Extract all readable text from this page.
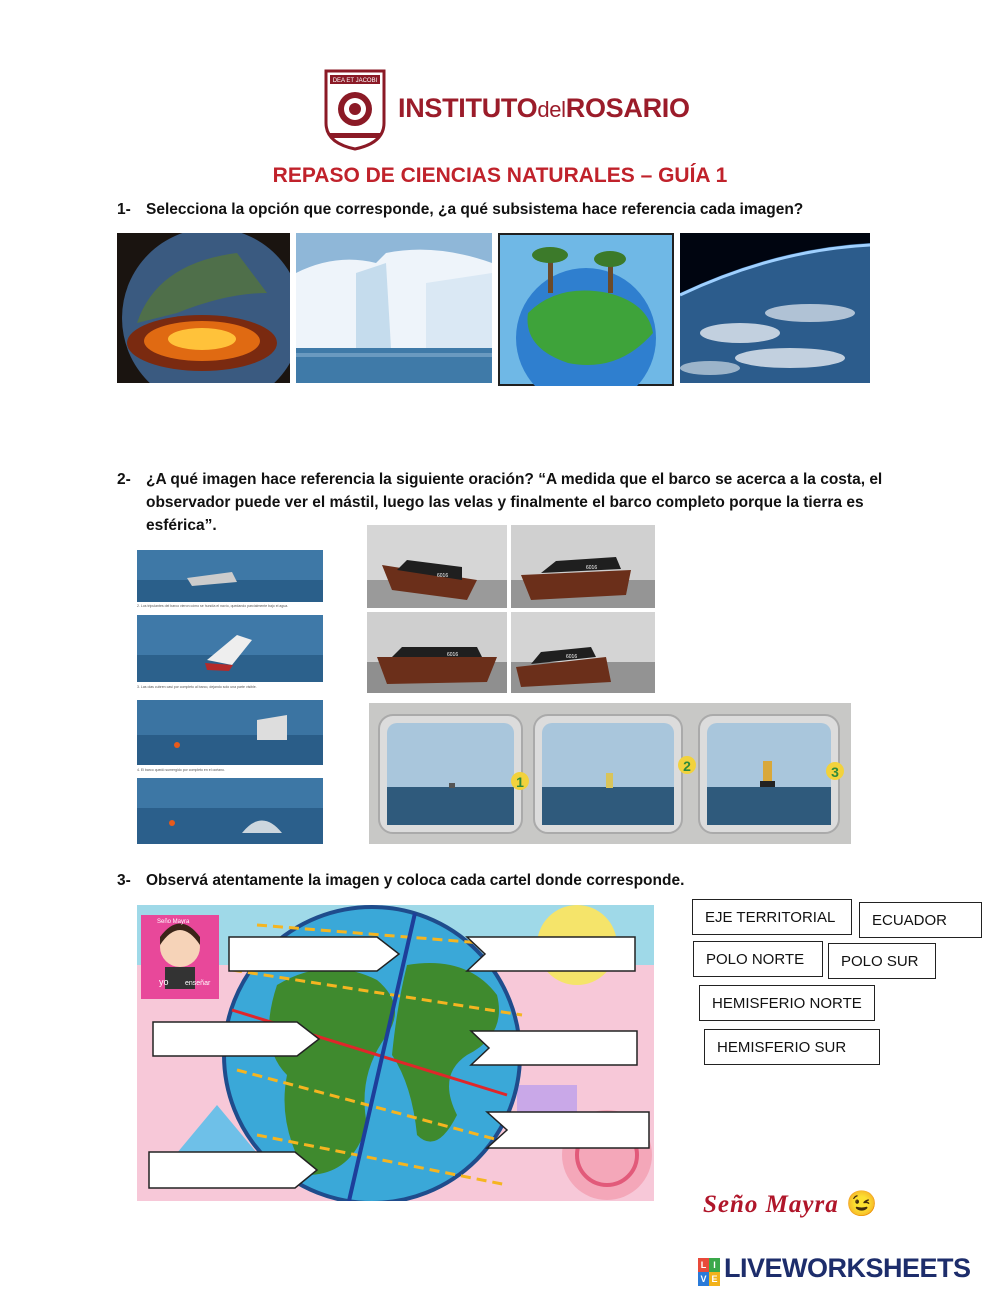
DEA ET JACOBI
INSTITUTOdelROSARIO
REPASO DE CIENCIAS NATURALES – GUÍA 1
1- Selecciona la opción que corresponde, ¿a qué subsistema hace referencia cada imagen?
2- ¿A qué imagen hace referencia la siguiente oración? “A medida que el barco se acerca a la costa, el
observador puede ver el mástil, luego las velas y finalmente el barco completo porque la tierra es
esférica”.
2. Los tripulantes del barco vieron cómo se hundía el navío, quedando parcialmente bajo el agua.
3. Las olas cubren casi por completo al barco, dejando solo una parte visible.
4. El barco quedó sumergido por completo en el océano.
6016
6016
6016	6016
1
2	3
3- Observá atentamente la imagen y coloca cada cartel donde corresponde.
yo enseñar
Seño Mayra	EJE TERRITORIAL	ECUADOR
POLO NORTE	POLO SUR
HEMISFERIO NORTE
HEMISFERIO SUR
Seño Mayra 😉
L I
V E LIVEWORKSHEETS
